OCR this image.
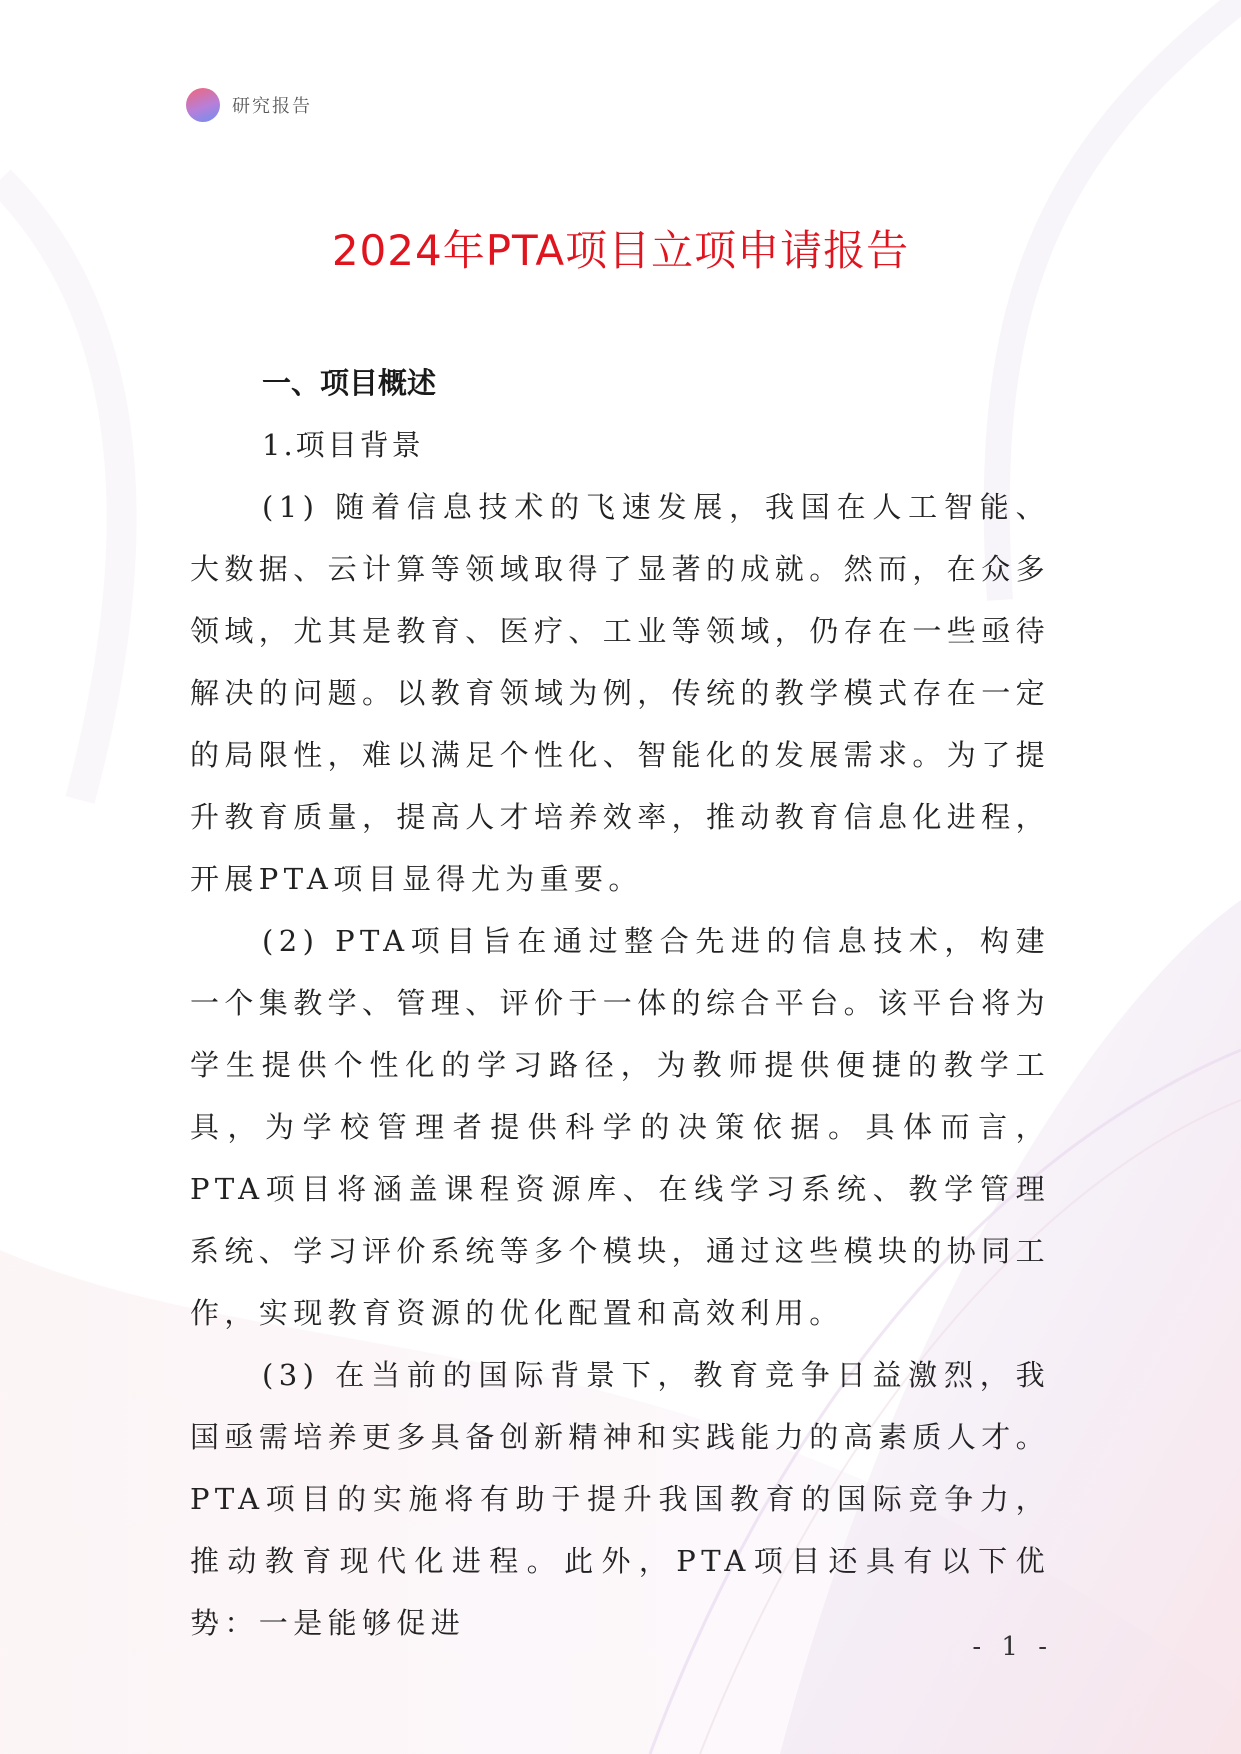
研究报告
2024年PTA项目立项申请报告

一、项目概述

1.项目背景

(1) 随着信息技术的飞速发展，我国在人工智能、大数据、云计算等领域取得了显著的成就。然而，在众多领域，尤其是教育、医疗、工业等领域，仍存在一些亟待解决的问题。以教育领域为例，传统的教学模式存在一定的局限性，难以满足个性化、智能化的发展需求。为了提升教育质量，提高人才培养效率，推动教育信息化进程，开展PTA项目显得尤为重要。

(2) PTA项目旨在通过整合先进的信息技术，构建一个集教学、管理、评价于一体的综合平台。该平台将为学生提供个性化的学习路径，为教师提供便捷的教学工具，为学校管理者提供科学的决策依据。具体而言，PTA项目将涵盖课程资源库、在线学习系统、教学管理系统、学习评价系统等多个模块，通过这些模块的协同工作，实现教育资源的优化配置和高效利用。

(3) 在当前的国际背景下，教育竞争日益激烈，我国亟需培养更多具备创新精神和实践能力的高素质人才。PTA项目的实施将有助于提升我国教育的国际竞争力，推动教育现代化进程。此外，PTA项目还具有以下优势：一是能够促进

- 1 -
